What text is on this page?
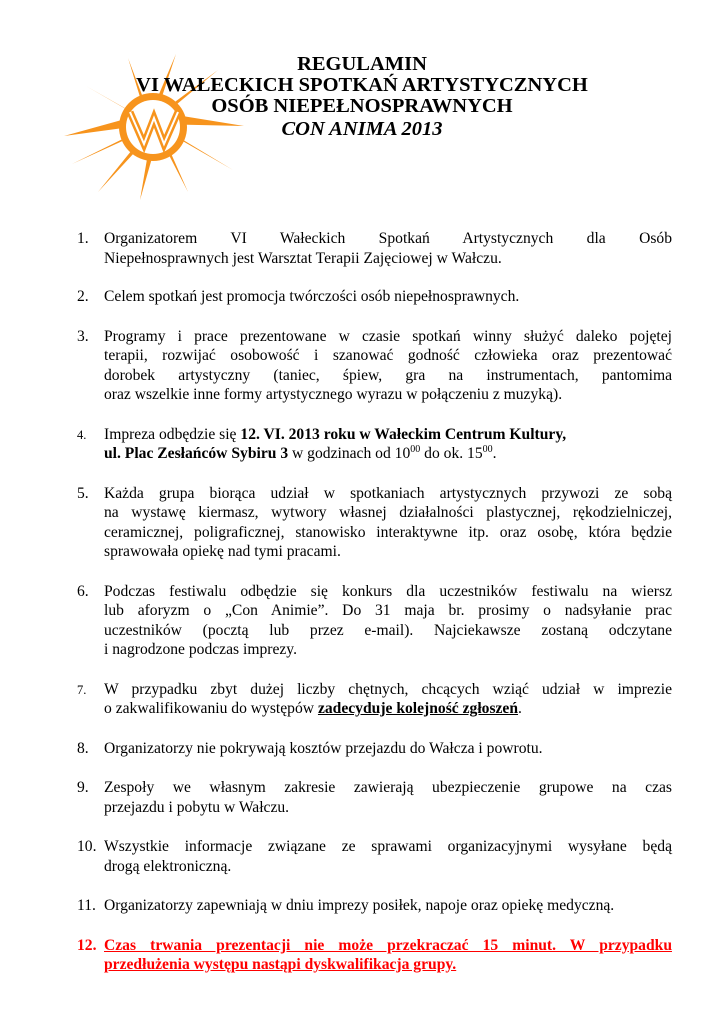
REGULAMIN
VI WAŁECKICH SPOTKAŃ ARTYSTYCZNYCH
OSÓB NIEPEŁNOSPRAWNYCH
CON ANIMA 2013
1. Organizatorem VI Wałeckich Spotkań Artystycznych dla Osób
Niepełnosprawnych jest Warsztat Terapii Zajęciowej w Wałczu.
2. Celem spotkań jest promocja twórczości osób niepełnosprawnych.
3. Programy i prace prezentowane w czasie spotkań winny służyć daleko pojętej
terapii, rozwijać osobowość i szanować godność człowieka oraz prezentować
dorobek artystyczny (taniec, śpiew, gra na instrumentach, pantomima
oraz wszelkie inne formy artystycznego wyrazu w połączeniu z muzyką).
4. Impreza odbędzie się 12. VI. 2013 roku w Wałeckim Centrum Kultury,
ul. Plac Zesłańców Sybiru 3 w godzinach od $10^{00}$ do ok. $15^{00}$.
5. Każda grupa biorąca udział w spotkaniach artystycznych przywozi ze sobą
na wystawę kiermasz, wytwory własnej działalności plastycznej, rękodzielniczej,
ceramicznej, poligraficznej, stanowisko interaktywne itp. oraz osobę, która będzie
sprawowała opiekę nad tymi pracami.
6. Podczas festiwalu odbędzie się konkurs dla uczestników festiwalu na wiersz
lub aforyzm o „Con Animie”. Do 31 maja br. prosimy o nadsyłanie prac
uczestników (pocztą lub przez e-mail). Najciekawsze zostaną odczytane
i nagrodzone podczas imprezy.
7. W przypadku zbyt dużej liczby chętnych, chcących wziąć udział w imprezie
o zakwalifikowaniu do występów zadecyduje kolejność zgłoszeń.
8. Organizatorzy nie pokrywają kosztów przejazdu do Wałcza i powrotu.
9. Zespoły we własnym zakresie zawierają ubezpieczenie grupowe na czas
przejazdu i pobytu w Wałczu.
10. Wszystkie informacje związane ze sprawami organizacyjnymi wysyłane będą
drogą elektroniczną.
11. Organizatorzy zapewniają w dniu imprezy posiłek, napoje oraz opiekę medyczną.
12. Czas trwania prezentacji nie może przekraczać 15 minut. W przypadku
przedłużenia występu nastąpi dyskwalifikacja grupy.
